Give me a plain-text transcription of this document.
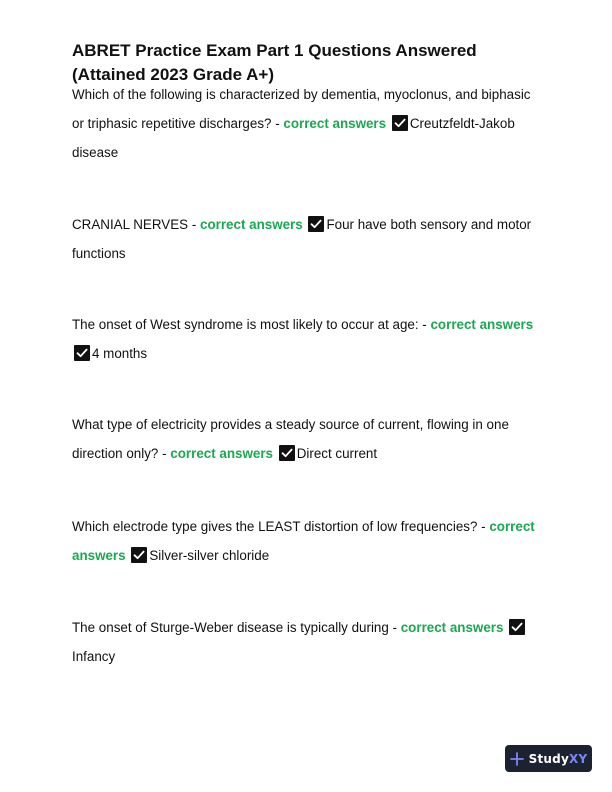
ABRET Practice Exam Part 1 Questions Answered
(Attained 2023 Grade A+)
Which of the following is characterized by dementia, myoclonus, and biphasic or triphasic repetitive discharges? - correct answers Creutzfeldt-Jakob disease
CRANIAL NERVES - correct answers Four have both sensory and motor functions
The onset of West syndrome is most likely to occur at age: - correct answers
4 months
What type of electricity provides a steady source of current, flowing in one direction only? - correct answers Direct current
Which electrode type gives the LEAST distortion of low frequencies? - correct answers Silver-silver chloride
The onset of Sturge-Weber disease is typically during - correct answers
Infancy
StudyXY
